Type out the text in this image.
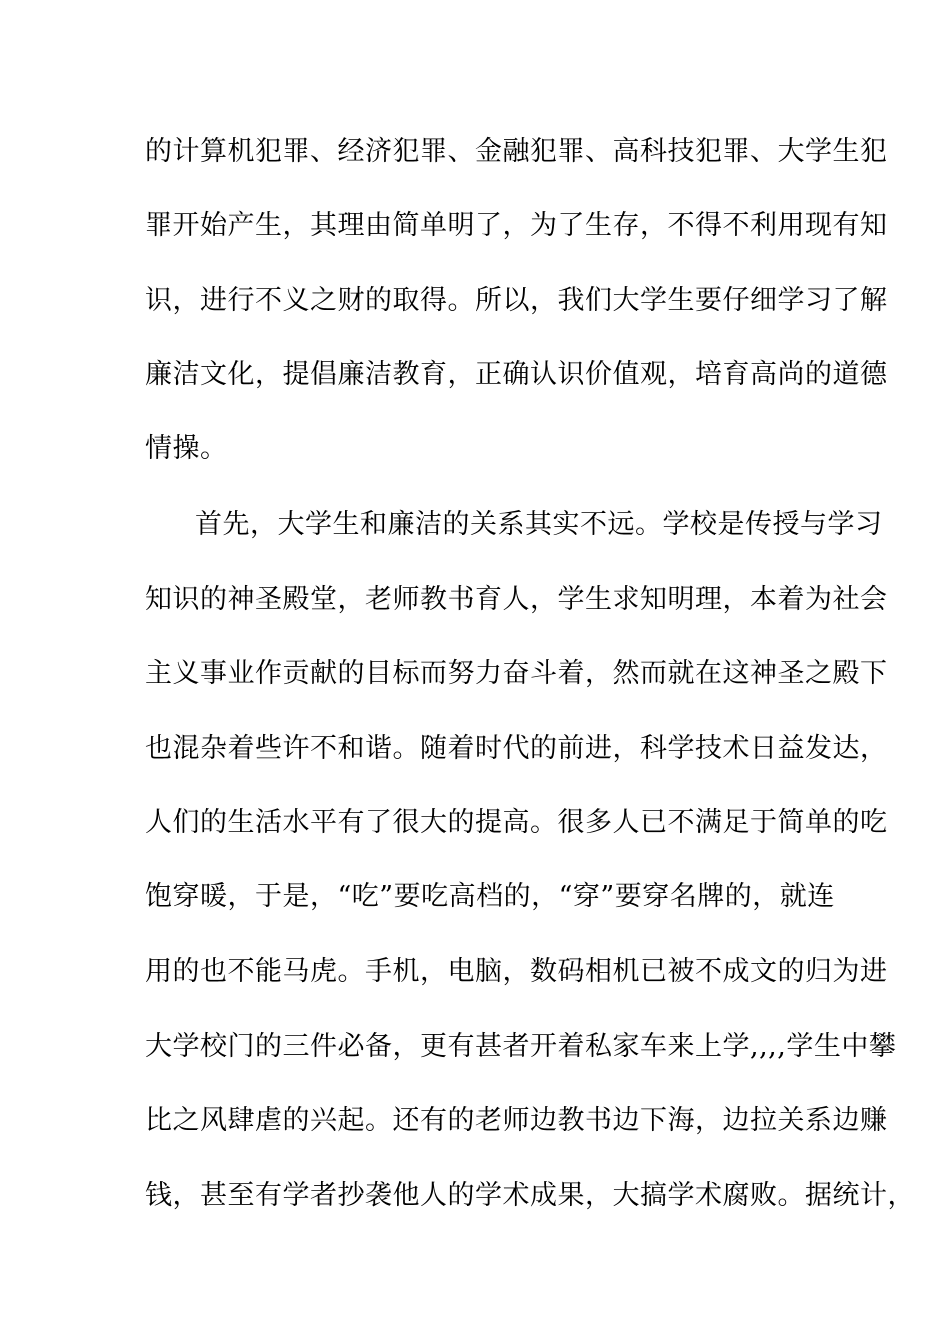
的计算机犯罪、经济犯罪、金融犯罪、高科技犯罪、大学生犯
罪开始产生，其理由简单明了，为了生存，不得不利用现有知
识，进行不义之财的取得。所以，我们大学生要仔细学习了解
廉洁文化，提倡廉洁教育，正确认识价值观，培育高尚的道德
情操。
首先，大学生和廉洁的关系其实不远。学校是传授与学习
知识的神圣殿堂，老师教书育人，学生求知明理，本着为社会
主义事业作贡献的目标而努力奋斗着，然而就在这神圣之殿下
也混杂着些许不和谐。随着时代的前进，科学技术日益发达，
人们的生活水平有了很大的提高。很多人已不满足于简单的吃
饱穿暖，于是，“吃”要吃高档的，“穿”要穿名牌的，就连
用的也不能马虎。手机，电脑，数码相机已被不成文的归为进
大学校门的三件必备，更有甚者开着私家车来上学,,,,学生中攀
比之风肆虐的兴起。还有的老师边教书边下海，边拉关系边赚
钱，甚至有学者抄袭他人的学术成果，大搞学术腐败。据统计，
